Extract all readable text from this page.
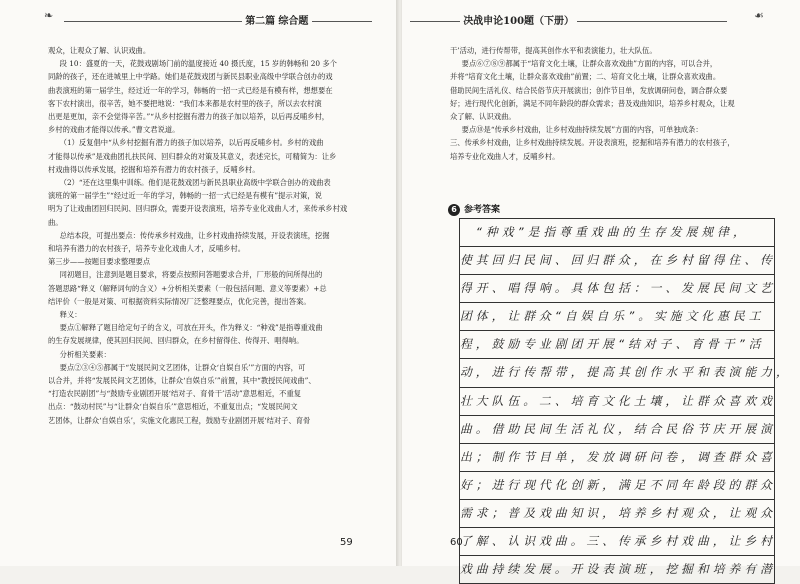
❧	第二篇 综合题

观众，让观众了解、认识戏曲。

段 10：盛夏的一天，花鼓戏剧场门前的温度接近 40 摄氏度，15 岁的韩畅和 20 多个

同龄的孩子，还在进城里上中学路。她们是花鼓戏团与新民县职业高级中学联合创办的戏

曲表演班的第一届学生，经过近一年的学习，韩畅的一招一式已经是有模有样，想想要在

客下农村演出，很辛苦，她不要把地说：“我们本来都是农村里的孩子，所以去农村演

出更是更加，亲不会觉得辛苦。”“从乡村挖掘有潜力的孩子加以培养，以后再反哺乡村，

乡村的戏曲才能得以传承。”曹文君说道。

（1）反复倡中“从乡村挖掘有潜力的孩子加以培养，以后再反哺乡村。乡村的戏曲

才能得以传承”是戏曲团扎扶民间、回归群众的对策及其意义，表述完长，可精简为：让乡

村戏曲得以传承发展，挖掘和培养有潜力的农村孩子，反哺乡村。

（2）“还在这里集中训练。他们是花鼓戏团与新民县职业高级中学联合创办的戏曲表

演班的第一届学生”“经过近一年的学习，韩畅的一招一式已经是有模有”提示对策，说

明为了让戏曲团回归民间、回归群众，需要开设表演班，培养专业化戏曲人才，来传承乡村戏曲。

总结本段，可提出要点：传传承乡村戏曲，让乡村戏曲持续发展，开设表演班，挖掘

和培养有潜力的农村孩子，培养专业化戏曲人才，反哺乡村。

第三步——按题目要求整理要点

同初题目，注意到是题目要求，将要点按照问答题要求合并，厂形般的问所得出的

答题思路“释义（解释词句的含义）+分析相关要素（一般包括问题、意义等要素）+总

结评价（一般是对策、可根据资料实际情况厂泛整理要点，优化完善，提出答案。

释义：

要点①解释了题目给定句子的含义，可放在开头，作为释义：“种戏”是指尊重戏曲

的生存发展规律，使其回归民间、回归群众，在乡村留得住、传得开、唱得响。

分析相关要素：

要点②③④⑤都属于“发展民间文艺团体，让群众‘自娱自乐’”方面的内容，可

以合并，并将“发展民间文艺团体，让群众‘自娱自乐’”前置，其中“教授民间戏曲”、

“打造农民剧团”与“鼓励专业剧团开展‘结对子、育骨干’活动”意思相近，不重复

出点：“鼓动村民”与“让群众‘自娱自乐’”意思相近，不重复出点；“发展民间文

艺团体，让群众‘自娱自乐’，实施文化惠民工程，鼓励专业剧团开展‘结对子、育骨

59
决战申论100题（下册）	☙

干’活动，进行传帮带，提高其创作水平和表演能力，壮大队伍。

要点⑥⑦⑧⑨都属于“培育文化土壤，让群众喜欢戏曲”方面的内容，可以合并，

并将“培育文化土壤，让群众喜欢戏曲”前置；二、培育文化土壤，让群众喜欢戏曲。

借助民间生活礼仪、结合民俗节庆开展演出；创作节目单，发放调研问卷，调合群众要

好；进行现代化创新，满足不同年龄段的群众需求；普及戏曲知识，培养乡村观众，让观

众了解、认识戏曲。

要点⑩是“传承乡村戏曲，让乡村戏曲持续发展”方面的内容，可单独成条：

三、传承乡村戏曲，让乡村戏曲持续发展。开设表演班，挖掘和培养有潜力的农村孩子，

培养专业化戏曲人才，反哺乡村。

6 参考答案
　“种戏”是指尊重戏曲的生存发展规律，
使其回归民间、回归群众，在乡村留得住、传
得开、唱得响。具体包括：一、发展民间文艺
团体，让群众“自娱自乐”。实施文化惠民工
程，鼓励专业剧团开展“结对子、育骨干”活
动，进行传帮带，提高其创作水平和表演能力，
壮大队伍。二、培育文化土壤，让群众喜欢戏
曲。借助民间生活礼仪，结合民俗节庆开展演
出；制作节目单，发放调研问卷，调查群众喜
好；进行现代化创新，满足不同年龄段的群众
需求；普及戏曲知识，培养乡村观众，让观众
了解、认识戏曲。三、传承乡村戏曲，让乡村
戏曲持续发展。开设表演班，挖掘和培养有潜
60
